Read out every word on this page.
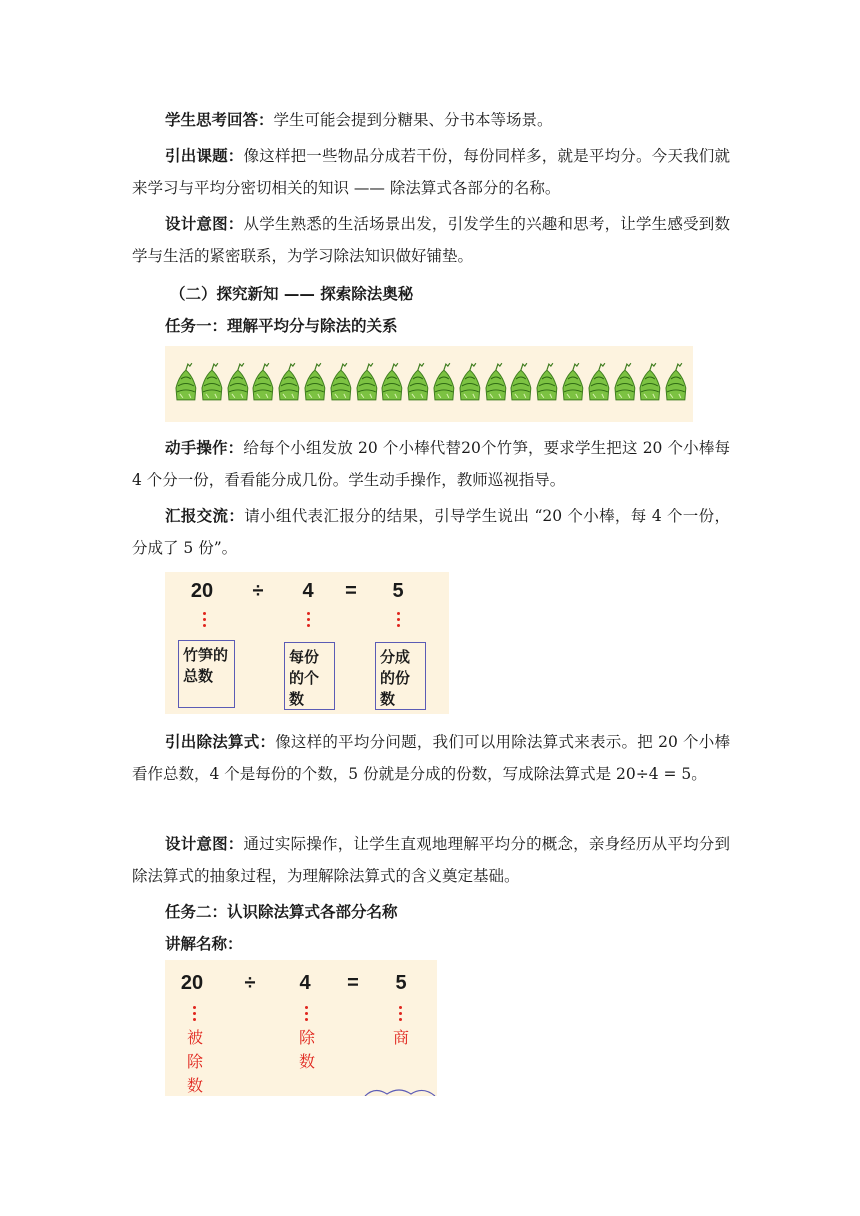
学生思考回答：学生可能会提到分糖果、分书本等场景。
引出课题：像这样把一些物品分成若干份，每份同样多，就是平均分。今天我们就来学习与平均分密切相关的知识 —— 除法算式各部分的名称。
设计意图：从学生熟悉的生活场景出发，引发学生的兴趣和思考，让学生感受到数学与生活的紧密联系，为学习除法知识做好铺垫。
（二）探究新知 —— 探索除法奥秘
任务一：理解平均分与除法的关系
动手操作：给每个小组发放 20 个小棒代替20个竹笋，要求学生把这 20 个小棒每 4 个分一份，看看能分成几份。学生动手操作，教师巡视指导。
汇报交流：请小组代表汇报分的结果，引导学生说出 “20 个小棒，每 4 个一份，分成了 5 份”。
20 ÷ 4 = 5
竹笋的总数
每份的个数
分成的份数
引出除法算式：像这样的平均分问题，我们可以用除法算式来表示。把 20 个小棒看作总数，4 个是每份的个数，5 份就是分成的份数，写成除法算式是 20÷4 = 5。
设计意图：通过实际操作，让学生直观地理解平均分的概念，亲身经历从平均分到除法算式的抽象过程，为理解除法算式的含义奠定基础。
任务二：认识除法算式各部分名称
讲解名称：
20 ÷ 4 = 5
被除数
除数
商
